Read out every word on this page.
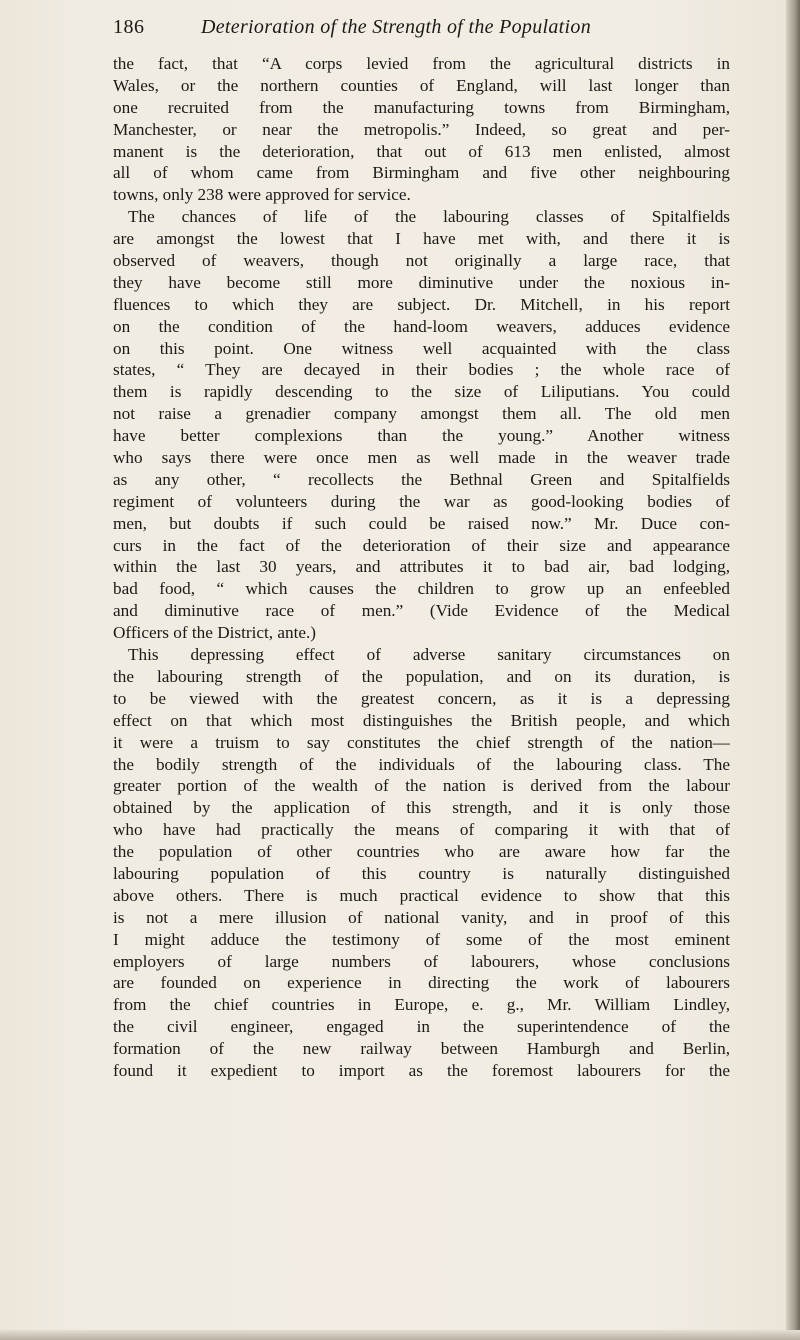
186	Deterioration of the Strength of the Population
the fact, that “A corps levied from the agricultural districts in
Wales, or the northern counties of England, will last longer than
one recruited from the manufacturing towns from Birmingham,
Manchester, or near the metropolis.” Indeed, so great and per-
manent is the deterioration, that out of 613 men enlisted, almost
all of whom came from Birmingham and five other neighbouring
towns, only 238 were approved for service.
The chances of life of the labouring classes of Spitalfields
are amongst the lowest that I have met with, and there it is
observed of weavers, though not originally a large race, that
they have become still more diminutive under the noxious in-
fluences to which they are subject. Dr. Mitchell, in his report
on the condition of the hand-loom weavers, adduces evidence
on this point. One witness well acquainted with the class
states, “ They are decayed in their bodies ; the whole race of
them is rapidly descending to the size of Liliputians. You could
not raise a grenadier company amongst them all. The old men
have better complexions than the young.” Another witness
who says there were once men as well made in the weaver trade
as any other, “ recollects the Bethnal Green and Spitalfields
regiment of volunteers during the war as good-looking bodies of
men, but doubts if such could be raised now.” Mr. Duce con-
curs in the fact of the deterioration of their size and appearance
within the last 30 years, and attributes it to bad air, bad lodging,
bad food, “ which causes the children to grow up an enfeebled
and diminutive race of men.” (Vide Evidence of the Medical
Officers of the District, ante.)
This depressing effect of adverse sanitary circumstances on
the labouring strength of the population, and on its duration, is
to be viewed with the greatest concern, as it is a depressing
effect on that which most distinguishes the British people, and which
it were a truism to say constitutes the chief strength of the nation—
the bodily strength of the individuals of the labouring class. The
greater portion of the wealth of the nation is derived from the labour
obtained by the application of this strength, and it is only those
who have had practically the means of comparing it with that of
the population of other countries who are aware how far the
labouring population of this country is naturally distinguished
above others. There is much practical evidence to show that this
is not a mere illusion of national vanity, and in proof of this
I might adduce the testimony of some of the most eminent
employers of large numbers of labourers, whose conclusions
are founded on experience in directing the work of labourers
from the chief countries in Europe, e. g., Mr. William Lindley,
the civil engineer, engaged in the superintendence of the
formation of the new railway between Hamburgh and Berlin,
found it expedient to import as the foremost labourers for the
